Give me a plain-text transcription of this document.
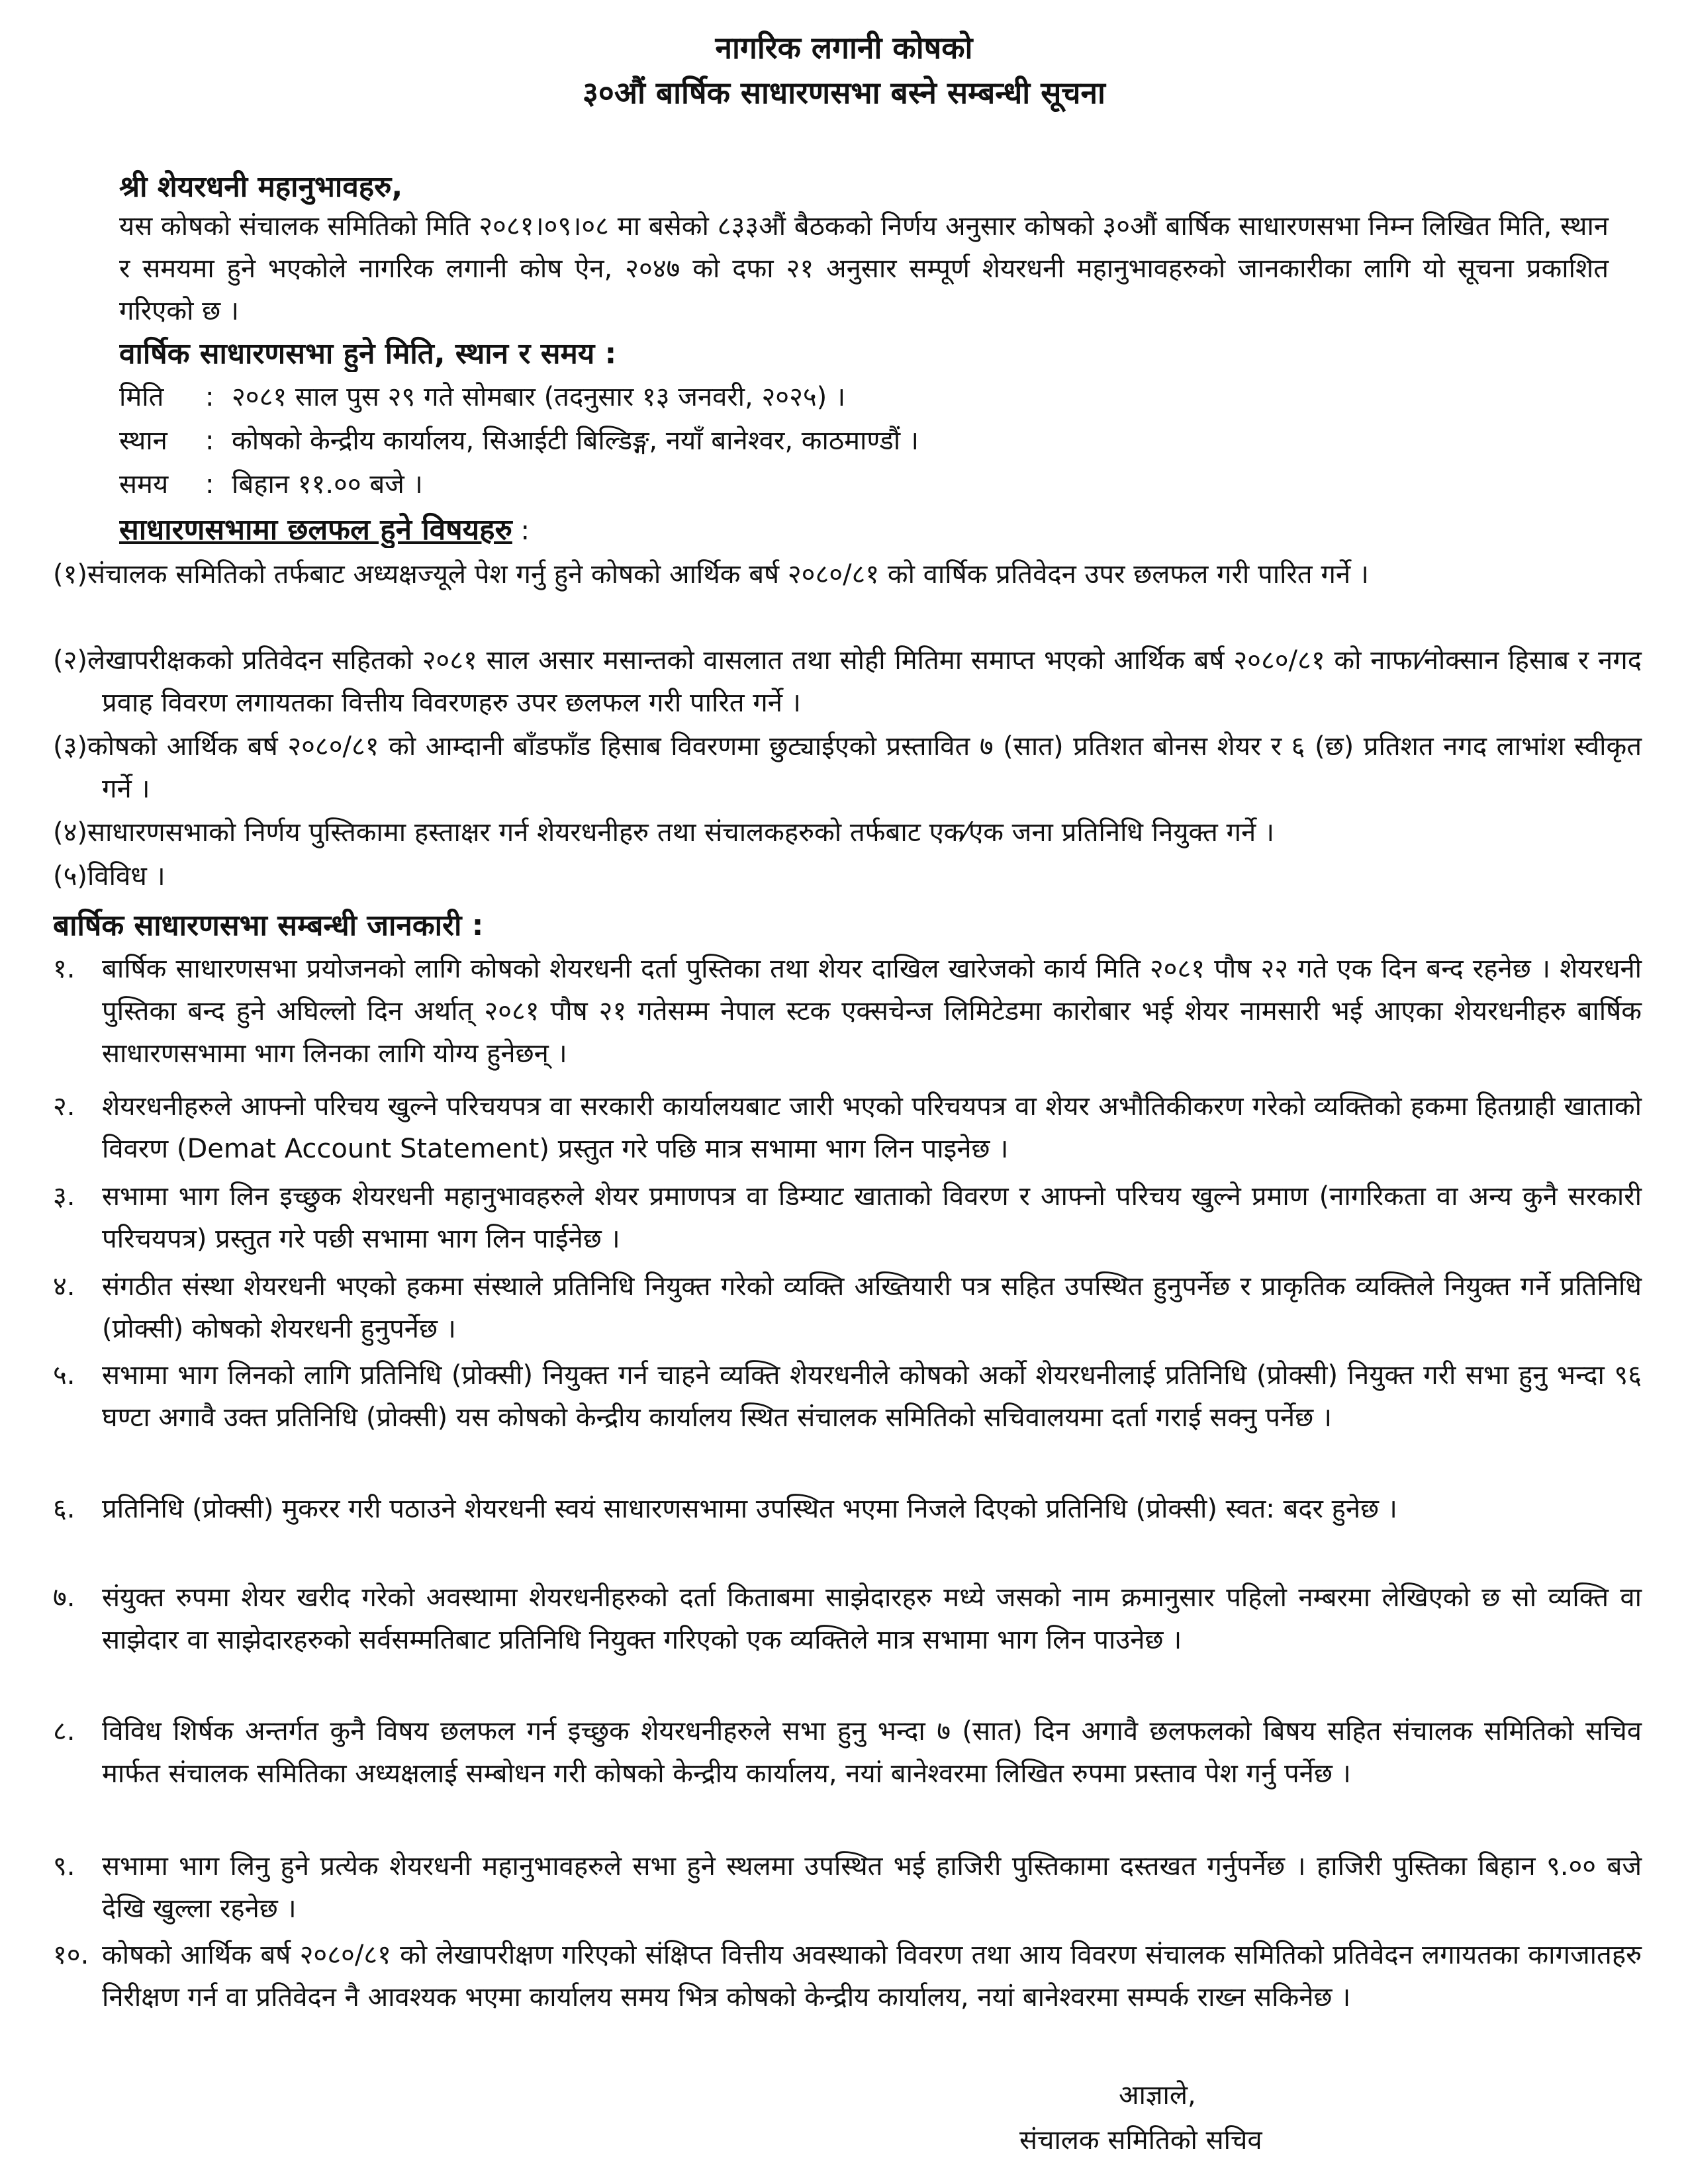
नागरिक लगानी कोषको
३०औं बार्षिक साधारणसभा बस्ने सम्बन्धी सूचना
श्री शेयरधनी महानुभावहरु,
यस कोषको संचालक समितिको मिति २०८१।०९।०८ मा बसेको ८३३औं बैठकको निर्णय अनुसार कोषको ३०औं बार्षिक साधारणसभा निम्न लिखित मिति, स्थान र समयमा हुने भएकोले नागरिक लगानी कोष ऐन, २०४७ को दफा २१ अनुसार सम्पूर्ण शेयरधनी महानुभावहरुको जानकारीका लागि यो सूचना प्रकाशित गरिएको छ ।
वार्षिक साधारणसभा हुने मिति, स्थान र समय :
मिति : २०८१ साल पुस २९ गते सोमबार (तदनुसार १३ जनवरी, २०२५) ।
स्थान : कोषको केन्द्रीय कार्यालय, सिआईटी बिल्डिङ्ग, नयाँ बानेश्वर, काठमाण्डौं ।
समय : बिहान ११.०० बजे ।
साधारणसभामा छलफल हुने विषयहरु :
(१)संचालक समितिको तर्फबाट अध्यक्षज्यूले पेश गर्नु हुने कोषको आर्थिक बर्ष २०८०/८१ को वार्षिक प्रतिवेदन उपर छलफल गरी पारित गर्ने ।
(२)लेखापरीक्षकको प्रतिवेदन सहितको २०८१ साल असार मसान्तको वासलात तथा सोही मितिमा समाप्त भएको आर्थिक बर्ष २०८०/८१ को नाफा⁄नोक्सान हिसाब र नगद प्रवाह विवरण लगायतका वित्तीय विवरणहरु उपर छलफल गरी पारित गर्ने ।
(३)कोषको आर्थिक बर्ष २०८०/८१ को आम्दानी बाँडफाँड हिसाब विवरणमा छुट्याईएको प्रस्तावित ७ (सात) प्रतिशत बोनस शेयर र ६ (छ) प्रतिशत नगद लाभांश स्वीकृत गर्ने ।
(४)साधारणसभाको निर्णय पुस्तिकामा हस्ताक्षर गर्न शेयरधनीहरु तथा संचालकहरुको तर्फबाट एक⁄एक जना प्रतिनिधि नियुक्त गर्ने ।
(५)विविध ।
बार्षिक साधारणसभा सम्बन्धी जानकारी :
१.	बार्षिक साधारणसभा प्रयोजनको लागि कोषको शेयरधनी दर्ता पुस्तिका तथा शेयर दाखिल खारेजको कार्य मिति २०८१ पौष २२ गते एक दिन बन्द रहनेछ । शेयरधनी पुस्तिका बन्द हुने अघिल्लो दिन अर्थात् २०८१ पौष २१ गतेसम्म नेपाल स्टक एक्सचेन्ज लिमिटेडमा कारोबार भई शेयर नामसारी भई आएका शेयरधनीहरु बार्षिक साधारणसभामा भाग लिनका लागि योग्य हुनेछन् ।
२.	शेयरधनीहरुले आफ्नो परिचय खुल्ने परिचयपत्र वा सरकारी कार्यालयबाट जारी भएको परिचयपत्र वा शेयर अभौतिकीकरण गरेको व्यक्तिको हकमा हितग्राही खाताको विवरण (Demat Account Statement) प्रस्तुत गरे पछि मात्र सभामा भाग लिन पाइनेछ ।
३.	सभामा भाग लिन इच्छुक शेयरधनी महानुभावहरुले शेयर प्रमाणपत्र वा डिम्याट खाताको विवरण र आफ्नो परिचय खुल्ने प्रमाण (नागरिकता वा अन्य कुनै सरकारी परिचयपत्र) प्रस्तुत गरे पछी सभामा भाग लिन पाईनेछ ।
४.	संगठीत संस्था शेयरधनी भएको हकमा संस्थाले प्रतिनिधि नियुक्त गरेको व्यक्ति अख्तियारी पत्र सहित उपस्थित हुनुपर्नेछ र प्राकृतिक व्यक्तिले नियुक्त गर्ने प्रतिनिधि (प्रोक्सी) कोषको शेयरधनी हुनुपर्नेछ ।
५.	सभामा भाग लिनको लागि प्रतिनिधि (प्रोक्सी) नियुक्त गर्न चाहने व्यक्ति शेयरधनीले कोषको अर्को शेयरधनीलाई प्रतिनिधि (प्रोक्सी) नियुक्त गरी सभा हुनु भन्दा ९६ घण्टा अगावै उक्त प्रतिनिधि (प्रोक्सी) यस कोषको केन्द्रीय कार्यालय स्थित संचालक समितिको सचिवालयमा दर्ता गराई सक्नु पर्नेछ ।
६.	प्रतिनिधि (प्रोक्सी) मुकरर गरी पठाउने शेयरधनी स्वयं साधारणसभामा उपस्थित भएमा निजले दिएको प्रतिनिधि (प्रोक्सी) स्वत: बदर हुनेछ ।
७.	संयुक्त रुपमा शेयर खरीद गरेको अवस्थामा शेयरधनीहरुको दर्ता किताबमा साझेदारहरु मध्ये जसको नाम क्रमानुसार पहिलो नम्बरमा लेखिएको छ सो व्यक्ति वा साझेदार वा साझेदारहरुको सर्वसम्मतिबाट प्रतिनिधि नियुक्त गरिएको एक व्यक्तिले मात्र सभामा भाग लिन पाउनेछ ।
८.	विविध शिर्षक अन्तर्गत कुनै विषय छलफल गर्न इच्छुक शेयरधनीहरुले सभा हुनु भन्दा ७ (सात) दिन अगावै छलफलको बिषय सहित संचालक समितिको सचिव मार्फत संचालक समितिका अध्यक्षलाई सम्बोधन गरी कोषको केन्द्रीय कार्यालय, नयां बानेश्वरमा लिखित रुपमा प्रस्ताव पेश गर्नु पर्नेछ ।
९.	सभामा भाग लिनु हुने प्रत्येक शेयरधनी महानुभावहरुले सभा हुने स्थलमा उपस्थित भई हाजिरी पुस्तिकामा दस्तखत गर्नुपर्नेछ । हाजिरी पुस्तिका बिहान ९.०० बजे देखि खुल्ला रहनेछ ।
१०. कोषको आर्थिक बर्ष २०८०/८१ को लेखापरीक्षण गरिएको संक्षिप्त वित्तीय अवस्थाको विवरण तथा आय विवरण संचालक समितिको प्रतिवेदन लगायतका कागजातहरु निरीक्षण गर्न वा प्रतिवेदन नै आवश्यक भएमा कार्यालय समय भित्र कोषको केन्द्रीय कार्यालय, नयां बानेश्वरमा सम्पर्क राख्न सकिनेछ ।
आज्ञाले,
संचालक समितिको सचिव
